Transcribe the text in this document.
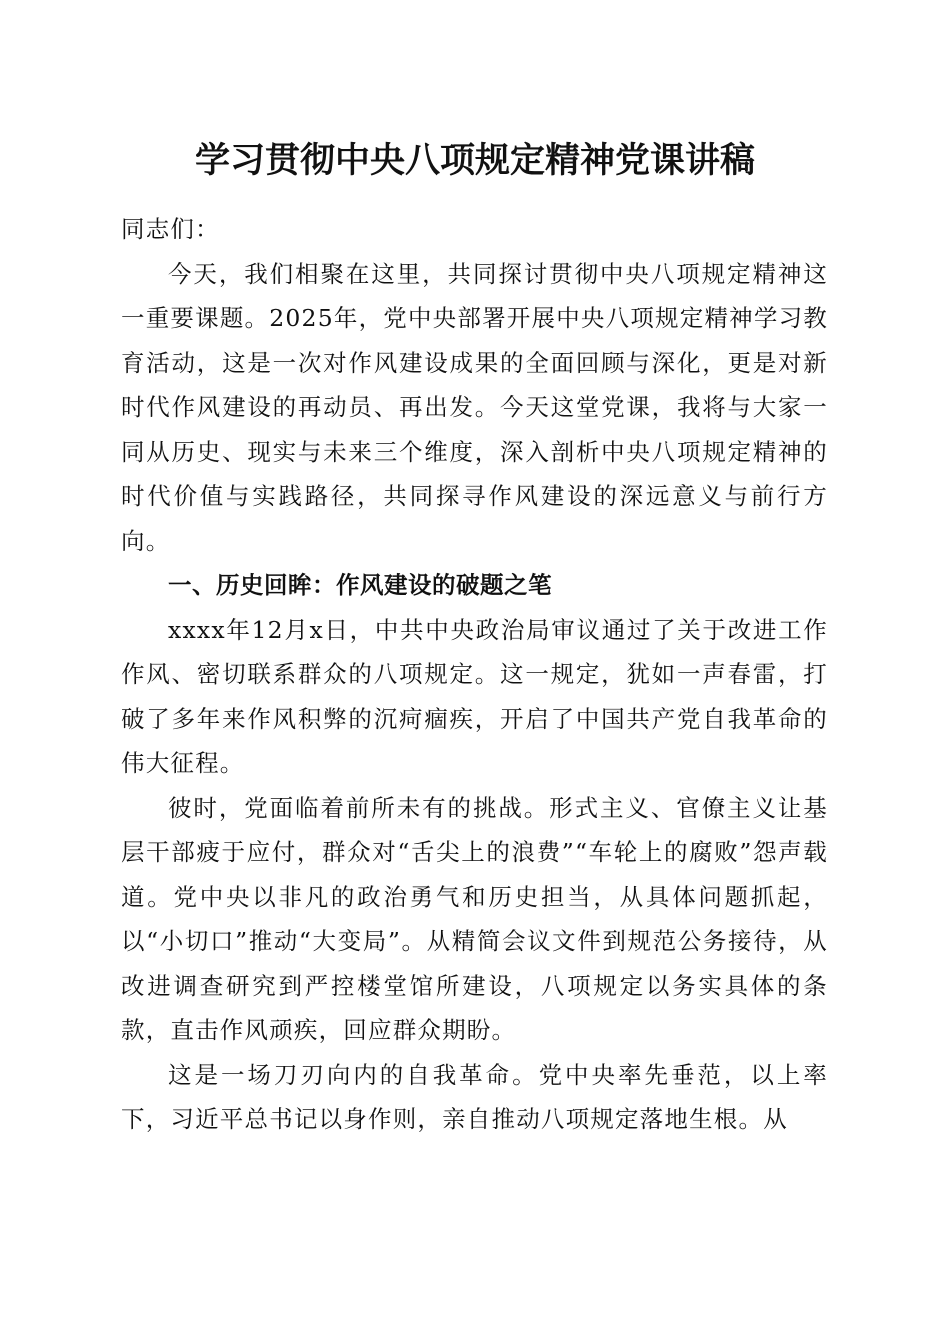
学习贯彻中央八项规定精神党课讲稿

同志们：

今天，我们相聚在这里，共同探讨贯彻中央八项规定精神这一重要课题。2025年，党中央部署开展中央八项规定精神学习教育活动，这是一次对作风建设成果的全面回顾与深化，更是对新时代作风建设的再动员、再出发。今天这堂党课，我将与大家一同从历史、现实与未来三个维度，深入剖析中央八项规定精神的时代价值与实践路径，共同探寻作风建设的深远意义与前行方向。

一、历史回眸：作风建设的破题之笔

xxxx年12月x日，中共中央政治局审议通过了关于改进工作作风、密切联系群众的八项规定。这一规定，犹如一声春雷，打破了多年来作风积弊的沉疴痼疾，开启了中国共产党自我革命的伟大征程。

彼时，党面临着前所未有的挑战。形式主义、官僚主义让基层干部疲于应付，群众对“舌尖上的浪费”“车轮上的腐败”怨声载道。党中央以非凡的政治勇气和历史担当，从具体问题抓起，以“小切口”推动“大变局”。从精简会议文件到规范公务接待，从改进调查研究到严控楼堂馆所建设，八项规定以务实具体的条款，直击作风顽疾，回应群众期盼。

这是一场刀刃向内的自我革命。党中央率先垂范，以上率下，习近平总书记以身作则，亲自推动八项规定落地生根。从
